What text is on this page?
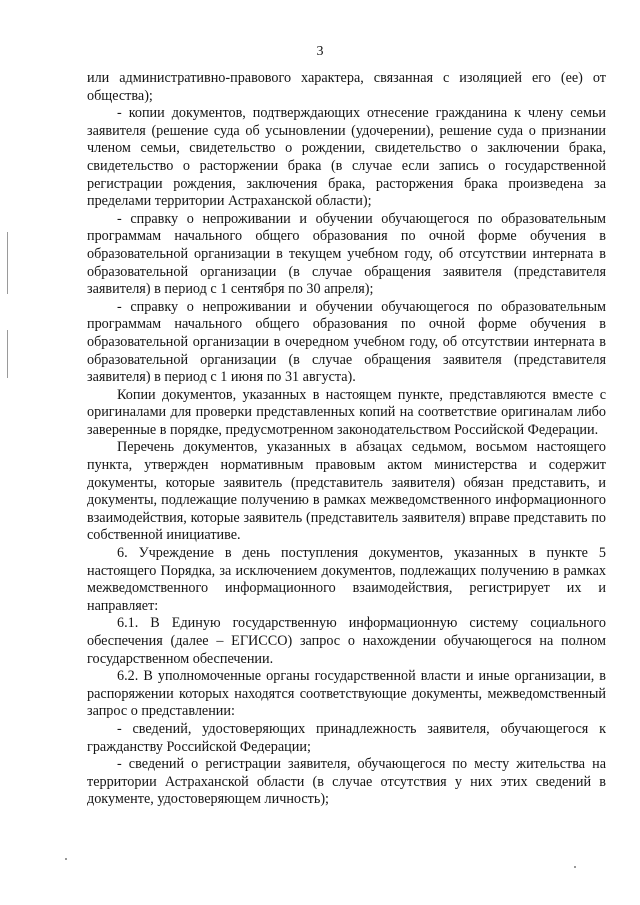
3

или административно-правового характера, связанная с изоляцией его (ее) от общества);

- копии документов, подтверждающих отнесение гражданина к члену семьи заявителя (решение суда об усыновлении (удочерении), решение суда о признании членом семьи, свидетельство о рождении, свидетельство о заключении брака, свидетельство о расторжении брака (в случае если запись о государственной регистрации рождения, заключения брака, расторжения брака произведена за пределами территории Астраханской области);

- справку о непроживании и обучении обучающегося по образовательным программам начального общего образования по очной форме обучения в образовательной организации в текущем учебном году, об отсутствии интерната в образовательной организации (в случае обращения заявителя (представителя заявителя) в период с 1 сентября по 30 апреля);

- справку о непроживании и обучении обучающегося по образовательным программам начального общего образования по очной форме обучения в образовательной организации в очередном учебном году, об отсутствии интерната в образовательной организации (в случае обращения заявителя (представителя заявителя) в период с 1 июня по 31 августа).

Копии документов, указанных в настоящем пункте, представляются вместе с оригиналами для проверки представленных копий на соответствие оригиналам либо заверенные в порядке, предусмотренном законодательством Российской Федерации.

Перечень документов, указанных в абзацах седьмом, восьмом настоящего пункта, утвержден нормативным правовым актом министерства и содержит документы, которые заявитель (представитель заявителя) обязан представить, и документы, подлежащие получению в рамках межведомственного информационного взаимодействия, которые заявитель (представитель заявителя) вправе представить по собственной инициативе.

6. Учреждение в день поступления документов, указанных в пункте 5 настоящего Порядка, за исключением документов, подлежащих получению в рамках межведомственного информационного взаимодействия, регистрирует их и направляет:

6.1. В Единую государственную информационную систему социального обеспечения (далее – ЕГИССО) запрос о нахождении обучающегося на полном государственном обеспечении.

6.2. В уполномоченные органы государственной власти и иные организации, в распоряжении которых находятся соответствующие документы, межведомственный запрос о представлении:

- сведений, удостоверяющих принадлежность заявителя, обучающегося к гражданству Российской Федерации;

- сведений о регистрации заявителя, обучающегося по месту жительства на территории Астраханской области (в случае отсутствия у них этих сведений в документе, удостоверяющем личность);
